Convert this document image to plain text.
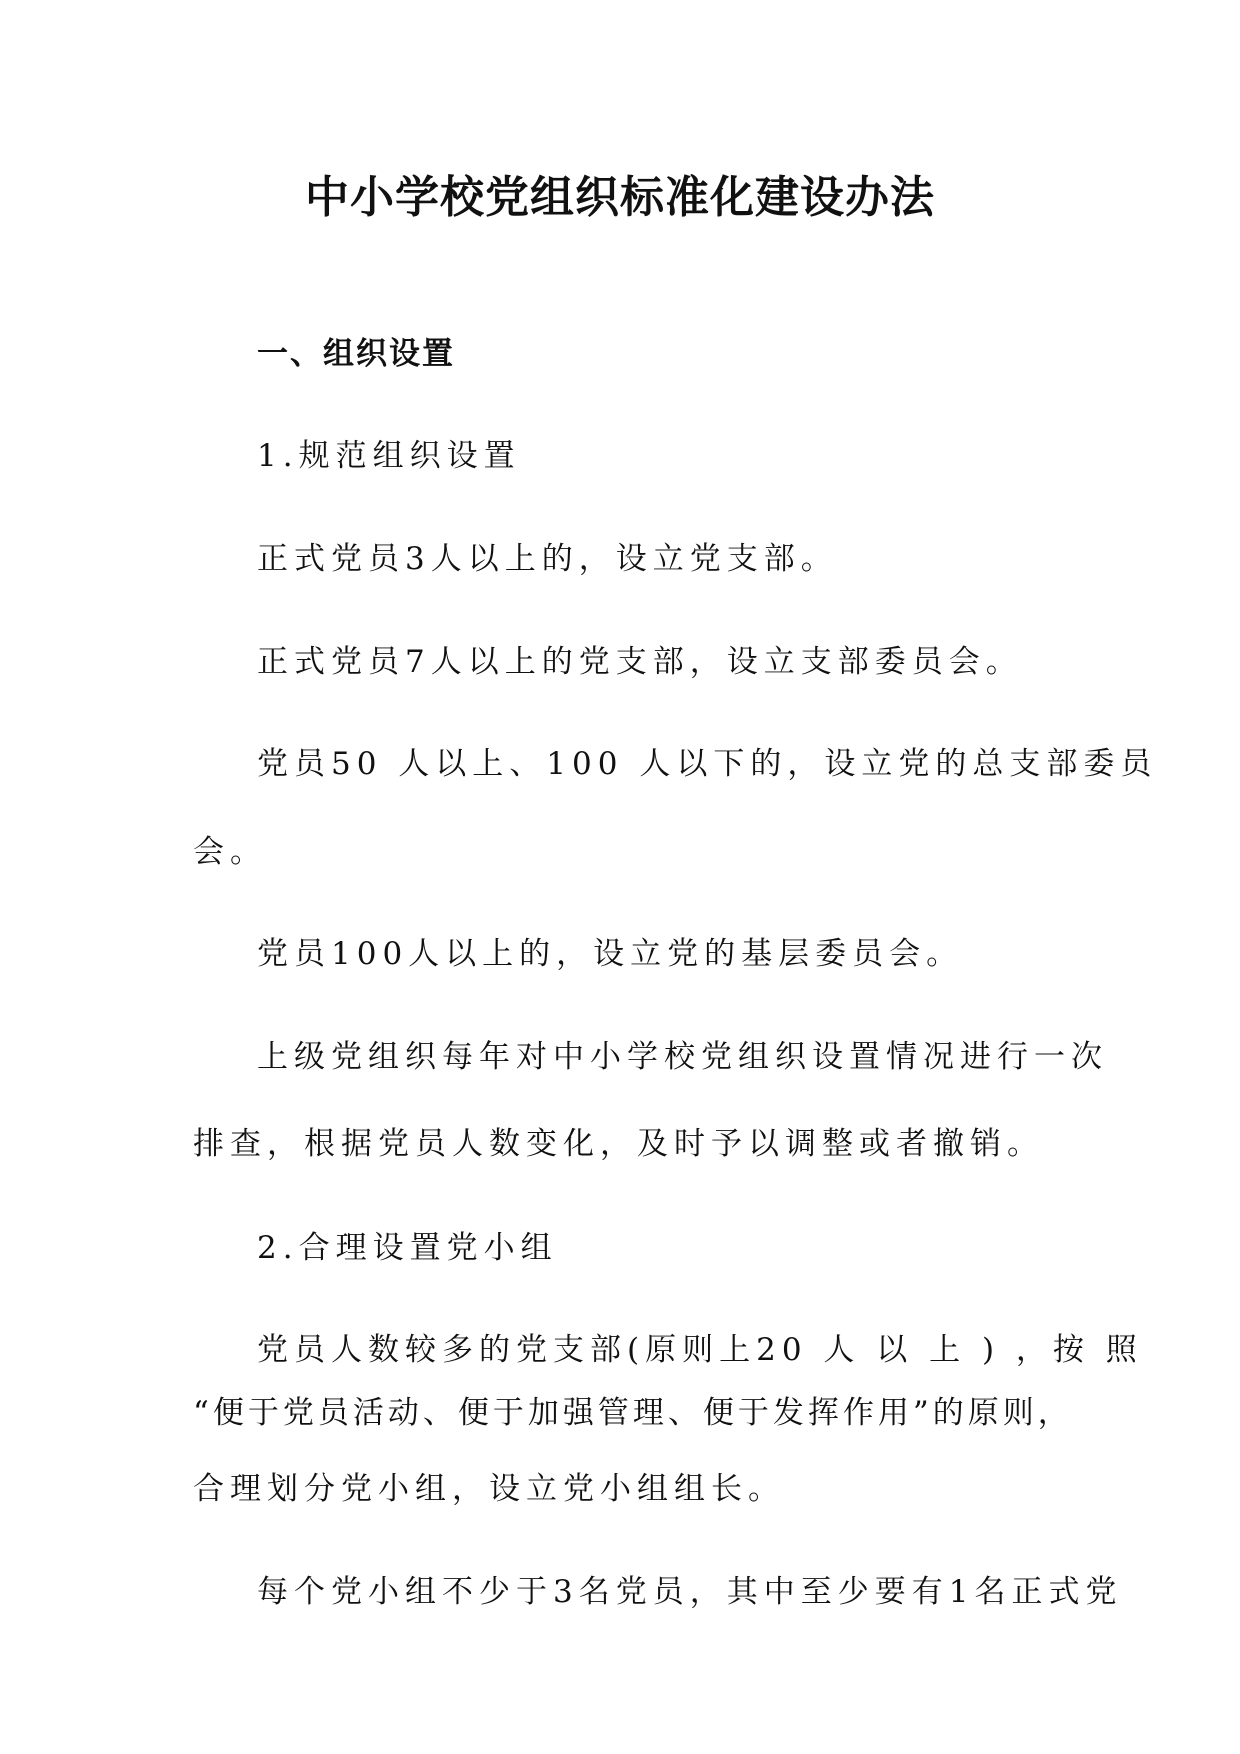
中小学校党组织标准化建设办法

一、组织设置

1.规范组织设置

正式党员3人以上的，设立党支部。

正式党员7人以上的党支部，设立支部委员会。

党员50 人以上、100 人以下的，设立党的总支部委员

会。

党员100人以上的，设立党的基层委员会。

上级党组织每年对中小学校党组织设置情况进行一次

排查，根据党员人数变化，及时予以调整或者撤销。

2.合理设置党小组

党员人数较多的党支部(原则上20 人 以 上 ) ，按 照

“便于党员活动、便于加强管理、便于发挥作用”的原则，

合理划分党小组，设立党小组组长。

每个党小组不少于3名党员，其中至少要有1名正式党
